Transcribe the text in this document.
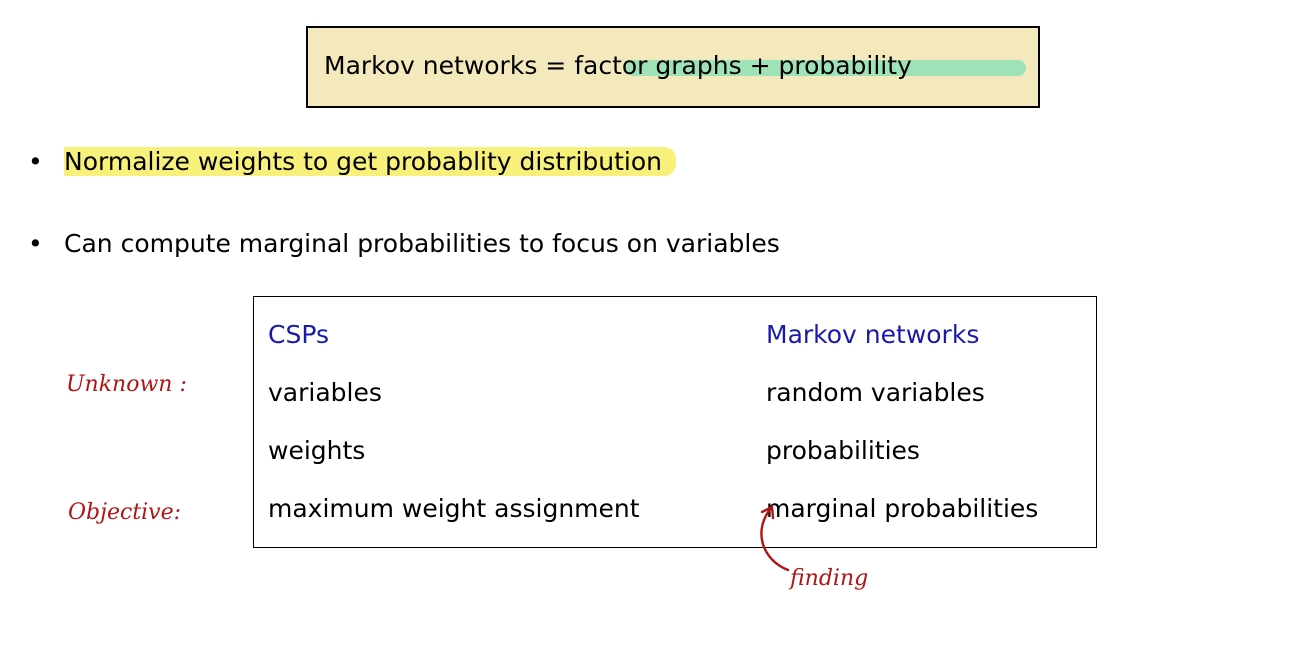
Markov networks = factor graphs + probability
• Normalize weights to get probablity distribution
• Can compute marginal probabilities to focus on variables
CSPs	Markov networks
variables	random variables
weights	probabilities
maximum weight assignment	marginal probabilities
Unknown :
Objective:
finding
